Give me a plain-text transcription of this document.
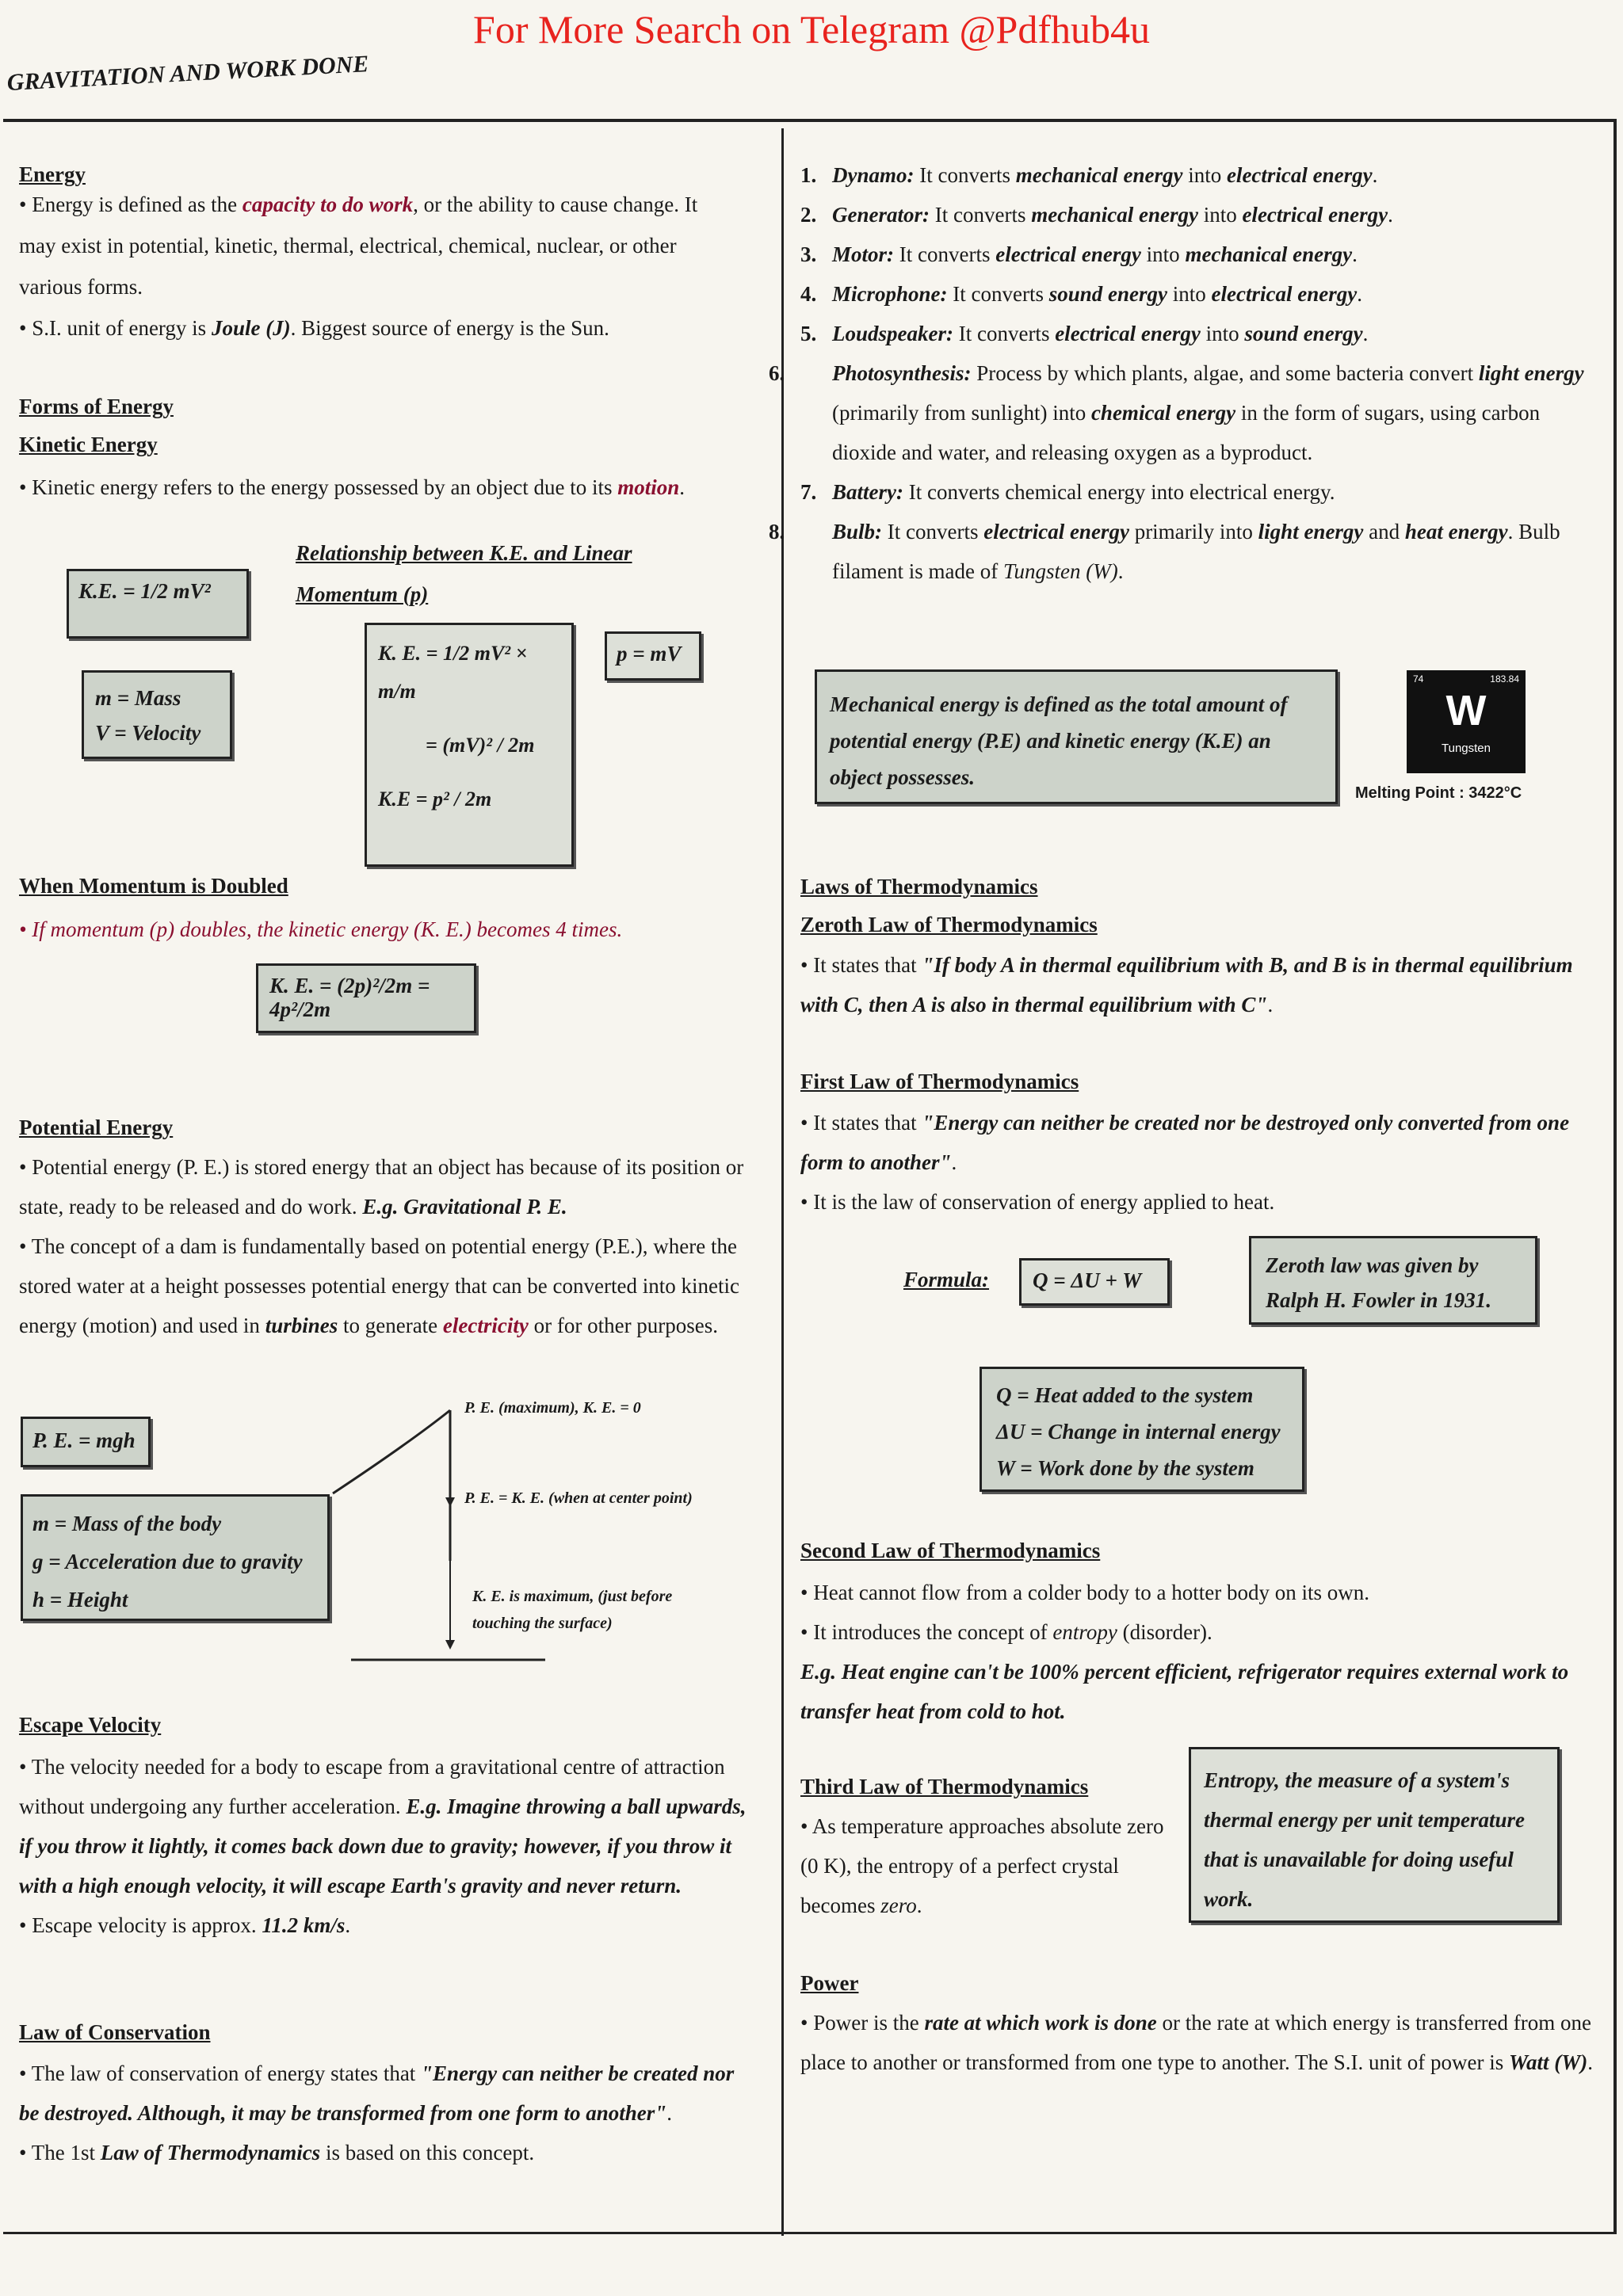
For More Search on Telegram @Pdfhub4u
GRAVITATION AND WORK DONE
Energy
• Energy is defined as the capacity to do work, or the ability to cause change. It may exist in potential, kinetic, thermal, electrical, chemical, nuclear, or other various forms.
• S.I. unit of energy is Joule (J). Biggest source of energy is the Sun.
Forms of Energy
Kinetic Energy
• Kinetic energy refers to the energy possessed by an object due to its motion.
K.E. = 1/2 mV²
m = Mass
V = Velocity
Relationship between K.E. and Linear
Momentum (p)
K. E. = 1/2 mV² × m/m
= (mV)² / 2m
K.E = p² / 2m
p = mV
When Momentum is Doubled
• If momentum (p) doubles, the kinetic energy (K. E.) becomes 4 times.
K. E. = (2p)²/2m = 4p²/2m
Potential Energy
• Potential energy (P. E.) is stored energy that an object has because of its position or state, ready to be released and do work. E.g. Gravitational P. E.
• The concept of a dam is fundamentally based on potential energy (P.E.), where the stored water at a height possesses potential energy that can be converted into kinetic energy (motion) and used in turbines to generate electricity or for other purposes.
P. E. = mgh
m = Mass of the body
g = Acceleration due to gravity
h = Height
P. E. (maximum), K. E. = 0
P. E. = K. E. (when at center point)
K. E. is maximum, (just before
touching the surface)
Escape Velocity
• The velocity needed for a body to escape from a gravitational centre of attraction without undergoing any further acceleration. E.g. Imagine throwing a ball upwards, if you throw it lightly, it comes back down due to gravity; however, if you throw it with a high enough velocity, it will escape Earth's gravity and never return.
• Escape velocity is approx. 11.2 km/s.
Law of Conservation
• The law of conservation of energy states that "Energy can neither be created nor be destroyed. Although, it may be transformed from one form to another".
• The 1st Law of Thermodynamics is based on this concept.
1. Dynamo: It converts mechanical energy into electrical energy.
2. Generator: It converts mechanical energy into electrical energy.
3. Motor: It converts electrical energy into mechanical energy.
4. Microphone: It converts sound energy into electrical energy.
5. Loudspeaker: It converts electrical energy into sound energy.
6. Photosynthesis: Process by which plants, algae, and some bacteria convert light energy (primarily from sunlight) into chemical energy in the form of sugars, using carbon dioxide and water, and releasing oxygen as a byproduct.
7. Battery: It converts chemical energy into electrical energy.
8. Bulb: It converts electrical energy primarily into light energy and heat energy. Bulb filament is made of Tungsten (W).
Mechanical energy is defined as the total amount of potential energy (P.E) and kinetic energy (K.E) an object possesses.
74	183.84
W
Tungsten
Melting Point : 3422°C
Laws of Thermodynamics
Zeroth Law of Thermodynamics
• It states that "If body A in thermal equilibrium with B, and B is in thermal equilibrium with C, then A is also in thermal equilibrium with C".
First Law of Thermodynamics
• It states that "Energy can neither be created nor be destroyed only converted from one form to another".
• It is the law of conservation of energy applied to heat.
Formula:	Q = ΔU + W
Zeroth law was given by Ralph H. Fowler in 1931.
Q = Heat added to the system
ΔU = Change in internal energy
W = Work done by the system
Second Law of Thermodynamics
• Heat cannot flow from a colder body to a hotter body on its own.
• It introduces the concept of entropy (disorder).
E.g. Heat engine can't be 100% percent efficient, refrigerator requires external work to transfer heat from cold to hot.
Third Law of Thermodynamics
• As temperature approaches absolute zero (0 K), the entropy of a perfect crystal becomes zero.
Entropy, the measure of a system's thermal energy per unit temperature that is unavailable for doing useful work.
Power
• Power is the rate at which work is done or the rate at which energy is transferred from one place to another or transformed from one type to another. The S.I. unit of power is Watt (W).
